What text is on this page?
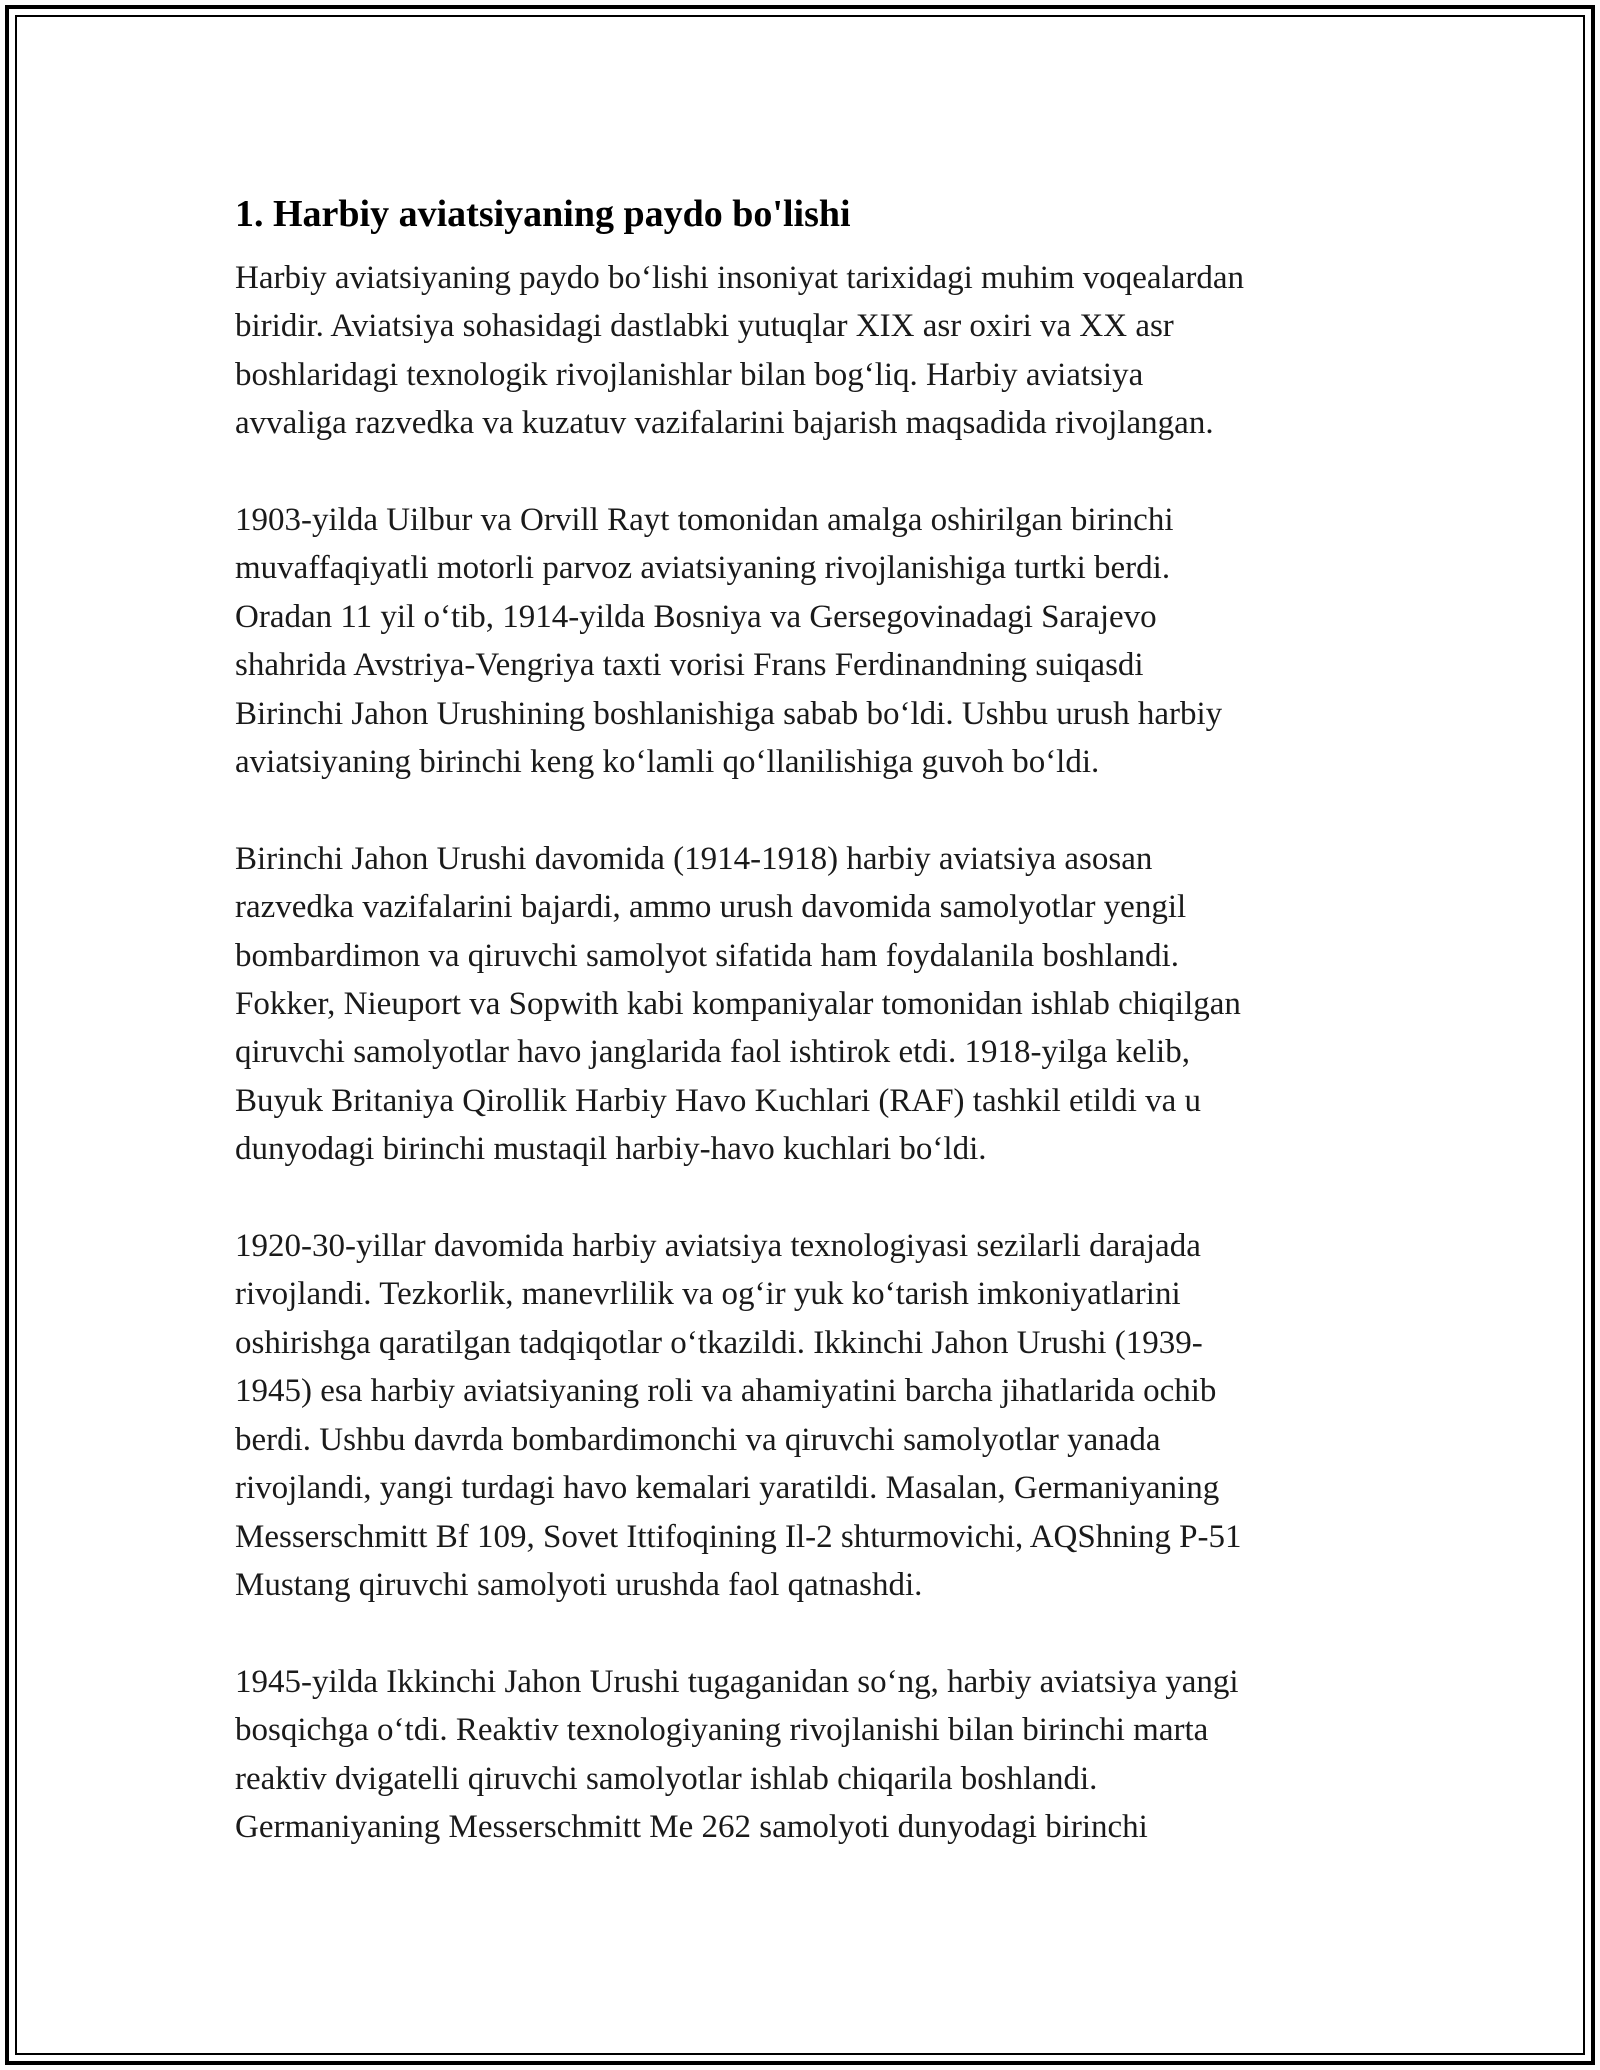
1. Harbiy aviatsiyaning paydo bo'lishi

Harbiy aviatsiyaning paydo bo‘lishi insoniyat tarixidagi muhim voqealardan
biridir. Aviatsiya sohasidagi dastlabki yutuqlar XIX asr oxiri va XX asr
boshlaridagi texnologik rivojlanishlar bilan bog‘liq. Harbiy aviatsiya
avvaliga razvedka va kuzatuv vazifalarini bajarish maqsadida rivojlangan.

1903-yilda Uilbur va Orvill Rayt tomonidan amalga oshirilgan birinchi
muvaffaqiyatli motorli parvoz aviatsiyaning rivojlanishiga turtki berdi.
Oradan 11 yil o‘tib, 1914-yilda Bosniya va Gersegovinadagi Sarajevo
shahrida Avstriya-Vengriya taxti vorisi Frans Ferdinandning suiqasdi
Birinchi Jahon Urushining boshlanishiga sabab bo‘ldi. Ushbu urush harbiy
aviatsiyaning birinchi keng ko‘lamli qo‘llanilishiga guvoh bo‘ldi.

Birinchi Jahon Urushi davomida (1914-1918) harbiy aviatsiya asosan
razvedka vazifalarini bajardi, ammo urush davomida samolyotlar yengil
bombardimon va qiruvchi samolyot sifatida ham foydalanila boshlandi.
Fokker, Nieuport va Sopwith kabi kompaniyalar tomonidan ishlab chiqilgan
qiruvchi samolyotlar havo janglarida faol ishtirok etdi. 1918-yilga kelib,
Buyuk Britaniya Qirollik Harbiy Havo Kuchlari (RAF) tashkil etildi va u
dunyodagi birinchi mustaqil harbiy-havo kuchlari bo‘ldi.

1920-30-yillar davomida harbiy aviatsiya texnologiyasi sezilarli darajada
rivojlandi. Tezkorlik, manevrlilik va og‘ir yuk ko‘tarish imkoniyatlarini
oshirishga qaratilgan tadqiqotlar o‘tkazildi. Ikkinchi Jahon Urushi (1939-
1945) esa harbiy aviatsiyaning roli va ahamiyatini barcha jihatlarida ochib
berdi. Ushbu davrda bombardimonchi va qiruvchi samolyotlar yanada
rivojlandi, yangi turdagi havo kemalari yaratildi. Masalan, Germaniyaning
Messerschmitt Bf 109, Sovet Ittifoqining Il-2 shturmovichi, AQShning P-51
Mustang qiruvchi samolyoti urushda faol qatnashdi.

1945-yilda Ikkinchi Jahon Urushi tugaganidan so‘ng, harbiy aviatsiya yangi
bosqichga o‘tdi. Reaktiv texnologiyaning rivojlanishi bilan birinchi marta
reaktiv dvigatelli qiruvchi samolyotlar ishlab chiqarila boshlandi.
Germaniyaning Messerschmitt Me 262 samolyoti dunyodagi birinchi
